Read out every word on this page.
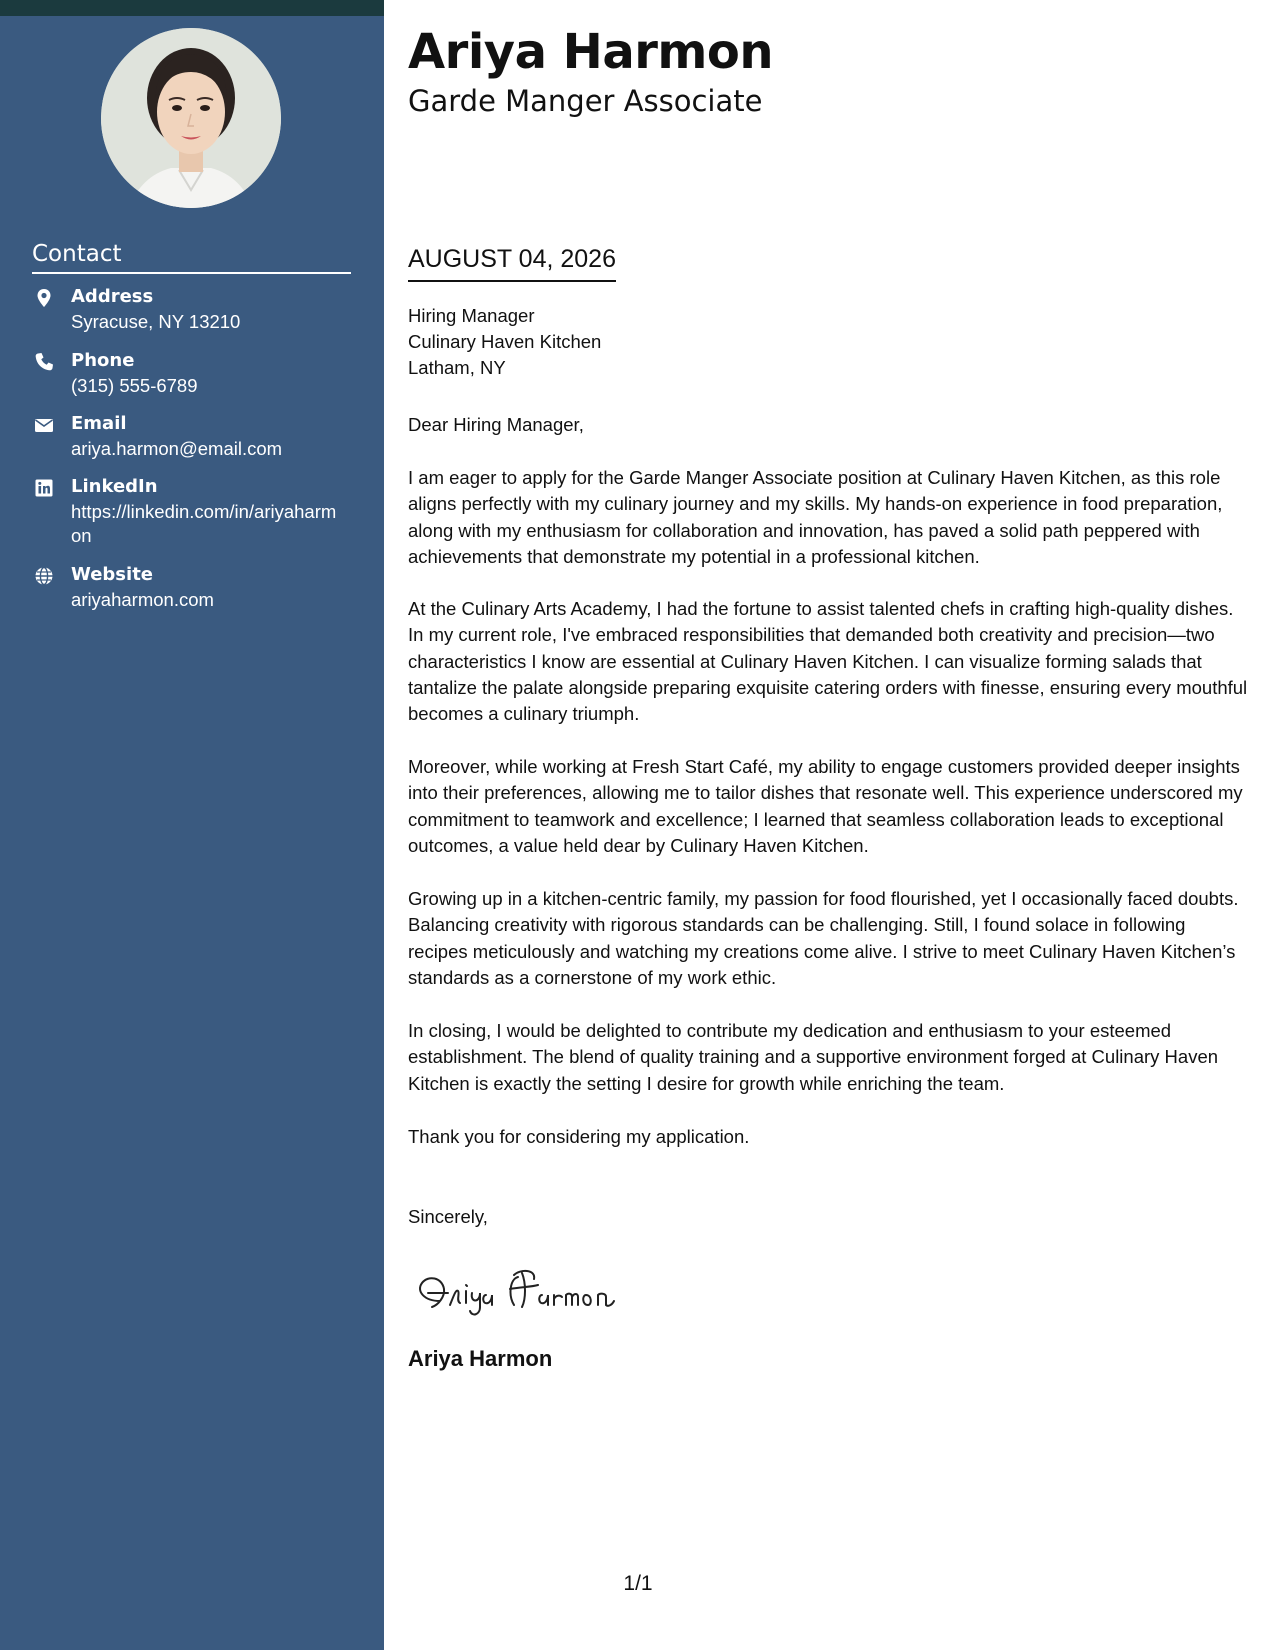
Contact
Address
Syracuse, NY 13210
Phone
(315) 555-6789
Email
ariya.harmon@email.com
LinkedIn
https://linkedin.com/in/ariyaharmon
Website
ariyaharmon.com
Ariya Harmon
Garde Manger Associate
AUGUST 04, 2026
Hiring Manager
Culinary Haven Kitchen
Latham, NY

Dear Hiring Manager,

I am eager to apply for the Garde Manger Associate position at Culinary Haven Kitchen, as this role aligns perfectly with my culinary journey and my skills. My hands-on experience in food preparation, along with my enthusiasm for collaboration and innovation, has paved a solid path peppered with achievements that demonstrate my potential in a professional kitchen.

At the Culinary Arts Academy, I had the fortune to assist talented chefs in crafting high-quality dishes. In my current role, I've embraced responsibilities that demanded both creativity and precision—two characteristics I know are essential at Culinary Haven Kitchen. I can visualize forming salads that tantalize the palate alongside preparing exquisite catering orders with finesse, ensuring every mouthful becomes a culinary triumph.

Moreover, while working at Fresh Start Café, my ability to engage customers provided deeper insights into their preferences, allowing me to tailor dishes that resonate well. This experience underscored my commitment to teamwork and excellence; I learned that seamless collaboration leads to exceptional outcomes, a value held dear by Culinary Haven Kitchen.

Growing up in a kitchen-centric family, my passion for food flourished, yet I occasionally faced doubts. Balancing creativity with rigorous standards can be challenging. Still, I found solace in following recipes meticulously and watching my creations come alive. I strive to meet Culinary Haven Kitchen’s standards as a cornerstone of my work ethic.

In closing, I would be delighted to contribute my dedication and enthusiasm to your esteemed establishment. The blend of quality training and a supportive environment forged at Culinary Haven Kitchen is exactly the setting I desire for growth while enriching the team.

Thank you for considering my application.

Sincerely,

Ariya Harmon
1/1
